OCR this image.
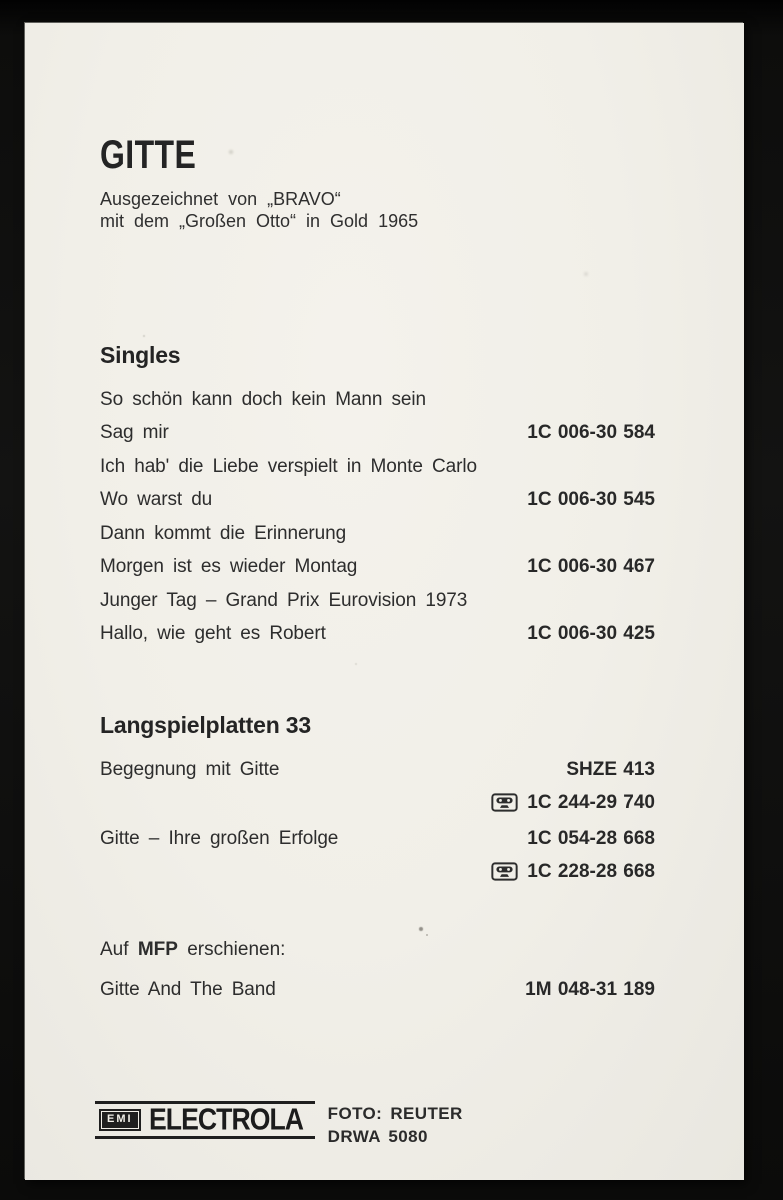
GITTE

Ausgezeichnet von „BRAVO“

mit dem „Großen Otto“ in Gold 1965

Singles
So schön kann doch kein Mann sein
Sag mir	1C 006-30 584
Ich hab' die Liebe verspielt in Monte Carlo
Wo warst du	1C 006-30 545
Dann kommt die Erinnerung
Morgen ist es wieder Montag	1C 006-30 467
Junger Tag – Grand Prix Eurovision 1973
Hallo, wie geht es Robert	1C 006-30 425
Langspielplatten 33
Begegnung mit Gitte	SHZE 413
1C 244-29 740
Gitte – Ihre großen Erfolge	1C 054-28 668
1C 228-28 668

Auf MFP erschienen:

Gitte And The Band	1M 048-31 189
EMI ELECTROLA FOTO: REUTER
DRWA 5080
